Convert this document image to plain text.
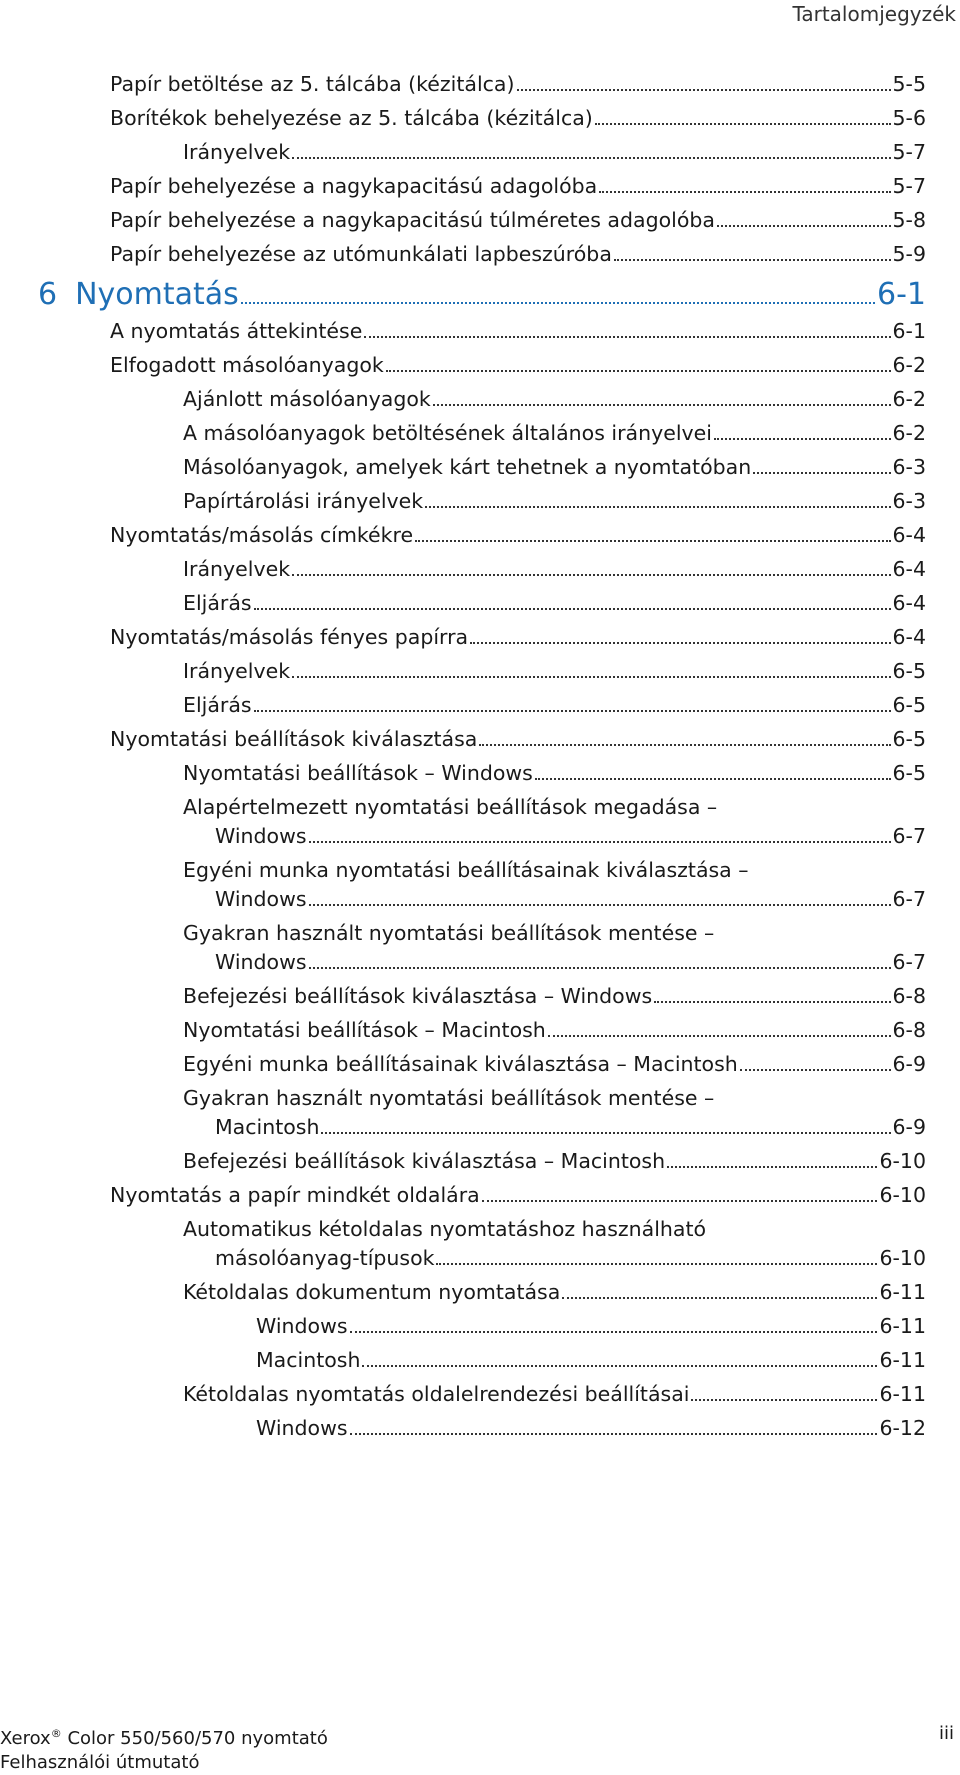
Tartalomjegyzék
Papír betöltése az 5. tálcába (kézitálca)	5-5
Borítékok behelyezése az 5. tálcába (kézitálca)	5-6
Irányelvek	5-7
Papír behelyezése a nagykapacitású adagolóba	5-7
Papír behelyezése a nagykapacitású túlméretes adagolóba	5-8
Papír behelyezése az utómunkálati lapbeszúróba	5-9
6 Nyomtatás	6-1
A nyomtatás áttekintése	6-1
Elfogadott másolóanyagok	6-2
Ajánlott másolóanyagok	6-2
A másolóanyagok betöltésének általános irányelvei	6-2
Másolóanyagok, amelyek kárt tehetnek a nyomtatóban	6-3
Papírtárolási irányelvek	6-3
Nyomtatás/másolás címkékre	6-4
Irányelvek	6-4
Eljárás	6-4
Nyomtatás/másolás fényes papírra	6-4
Irányelvek	6-5
Eljárás	6-5
Nyomtatási beállítások kiválasztása	6-5
Nyomtatási beállítások – Windows	6-5
Alapértelmezett nyomtatási beállítások megadása –
Windows	6-7
Egyéni munka nyomtatási beállításainak kiválasztása –
Windows	6-7
Gyakran használt nyomtatási beállítások mentése –
Windows	6-7
Befejezési beállítások kiválasztása – Windows	6-8
Nyomtatási beállítások – Macintosh	6-8
Egyéni munka beállításainak kiválasztása – Macintosh	6-9
Gyakran használt nyomtatási beállítások mentése –
Macintosh	6-9
Befejezési beállítások kiválasztása – Macintosh	6-10
Nyomtatás a papír mindkét oldalára	6-10
Automatikus kétoldalas nyomtatáshoz használható
másolóanyag-típusok	6-10
Kétoldalas dokumentum nyomtatása	6-11
Windows	6-11
Macintosh	6-11
Kétoldalas nyomtatás oldalelrendezési beállításai	6-11
Windows	6-12
Xerox® Color 550/560/570 nyomtató
Felhasználói útmutató
iii
